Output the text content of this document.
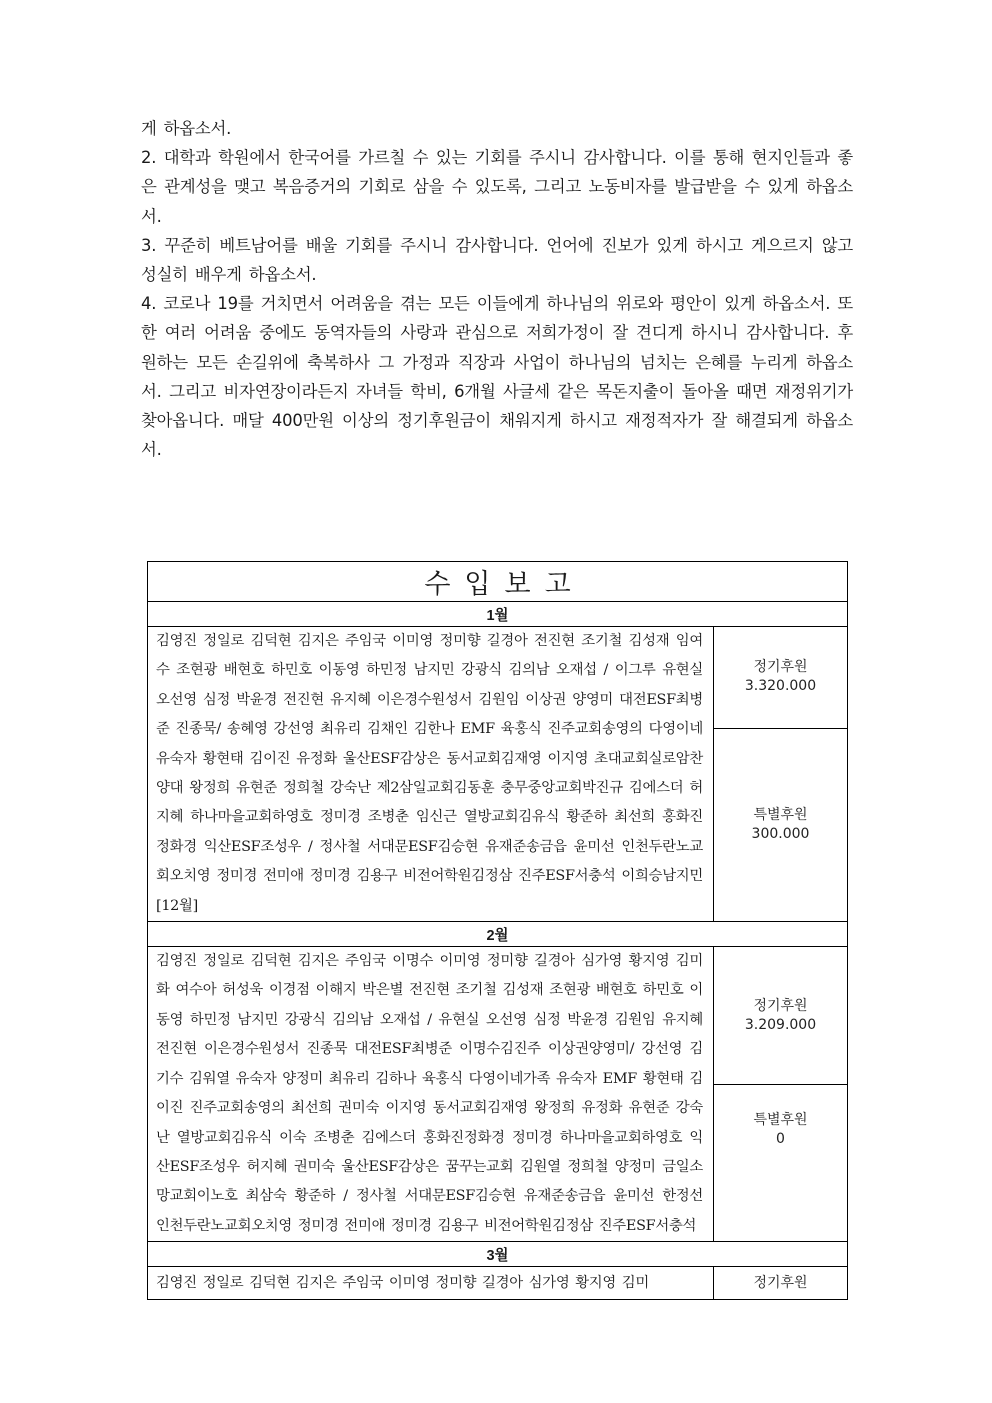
게 하옵소서.

2. 대학과 학원에서 한국어를 가르칠 수 있는 기회를 주시니 감사합니다. 이를 통해 현지인들과 좋은 관계성을 맺고 복음증거의 기회로 삼을 수 있도록, 그리고 노동비자를 발급받을 수 있게 하옵소서.

3. 꾸준히 베트남어를 배울 기회를 주시니 감사합니다. 언어에 진보가 있게 하시고 게으르지 않고 성실히 배우게 하옵소서.

4. 코로나 19를 거치면서 어려움을 겪는 모든 이들에게 하나님의 위로와 평안이 있게 하옵소서. 또한 여러 어려움 중에도 동역자들의 사랑과 관심으로 저희가정이 잘 견디게 하시니 감사합니다. 후원하는 모든 손길위에 축복하사 그 가정과 직장과 사업이 하나님의 넘치는 은혜를 누리게 하옵소서. 그리고 비자연장이라든지 자녀들 학비, 6개월 사글세 같은 목돈지출이 돌아올 때면 재정위기가 찾아옵니다. 매달 400만원 이상의 정기후원금이 채워지게 하시고 재정적자가 잘 해결되게 하옵소서.

수입보고	
1월	
김영진 정일로 김덕현 김지은 주임국 이미영 정미향 길경아 전진현 조기철 김성재 임여수 조현광 배현호 하민호 이동영 하민정 남지민 강광식 김의남 오재섭 / 이그루 유현실 오선영 심정 박윤경 전진현 유지혜 이은경수원성서 김원임 이상권 양영미 대전ESF최병준 진종묵/ 송혜영 강선영 최유리 김채인 김한나 EMF 육홍식 진주교회송영의 다영이네 유숙자 황현태 김이진 유정화 울산ESF감상은 동서교회김재영 이지영 초대교회실로암찬양대 왕정희 유현준 정희철 강숙난 제2삼일교회김동훈 충무중앙교회박진규 김에스더 허지혜 하나마을교회하영호 정미경 조병춘 임신근 열방교회김유식 황준하 최선희 홍화진정화경 익산ESF조성우 / 정사철 서대문ESF김승현 유재준송금읍 윤미선 인천두란노교회오치영 정미경 전미애 정미경 김용구 비전어학원김정삼 진주ESF서충석 이희승남지민[12월]	정기후원
3.320.000

	특별후원
300.000

2월	
김영진 정일로 김덕현 김지은 주임국 이명수 이미영 정미향 길경아 심가영 황지영 김미화 여수아 허성욱 이경점 이해지 박은별 전진현 조기철 김성재 조현광 배현호 하민호 이동영 하민정 남지민 강광식 김의남 오재섭 / 유현실 오선영 심정 박윤경 김원임 유지혜 전진현 이은경수원성서 진종묵 대전ESF최병준 이명수김진주 이상권양영미/ 강선영 김기수 김워열 유숙자 양정미 최유리 김하나 육홍식 다영이네가족 유숙자 EMF 황현태 김이진 진주교회송영의 최선희 권미숙 이지영 동서교회김재영 왕정희 유정화 유현준 강숙난 열방교회김유식 이숙 조병춘 김에스더 홍화진정화경 정미경 하나마을교회하영호 익산ESF조성우 허지혜 권미숙 울산ESF감상은 꿈꾸는교회 김원열 정희철 양정미 금일소망교회이노호 최삼숙 황준하 / 정사철 서대문ESF김승현 유재준송금읍 윤미선 한정선 인천두란노교회오치영 정미경 전미애 정미경 김용구 비전어학원김정삼 진주ESF서충석	정기후원
3.209.000

	특별후원
0

3월	
김영진 정일로 김덕현 김지은 주임국 이미영 정미향 길경아 심가영 황지영 김미	정기후원
